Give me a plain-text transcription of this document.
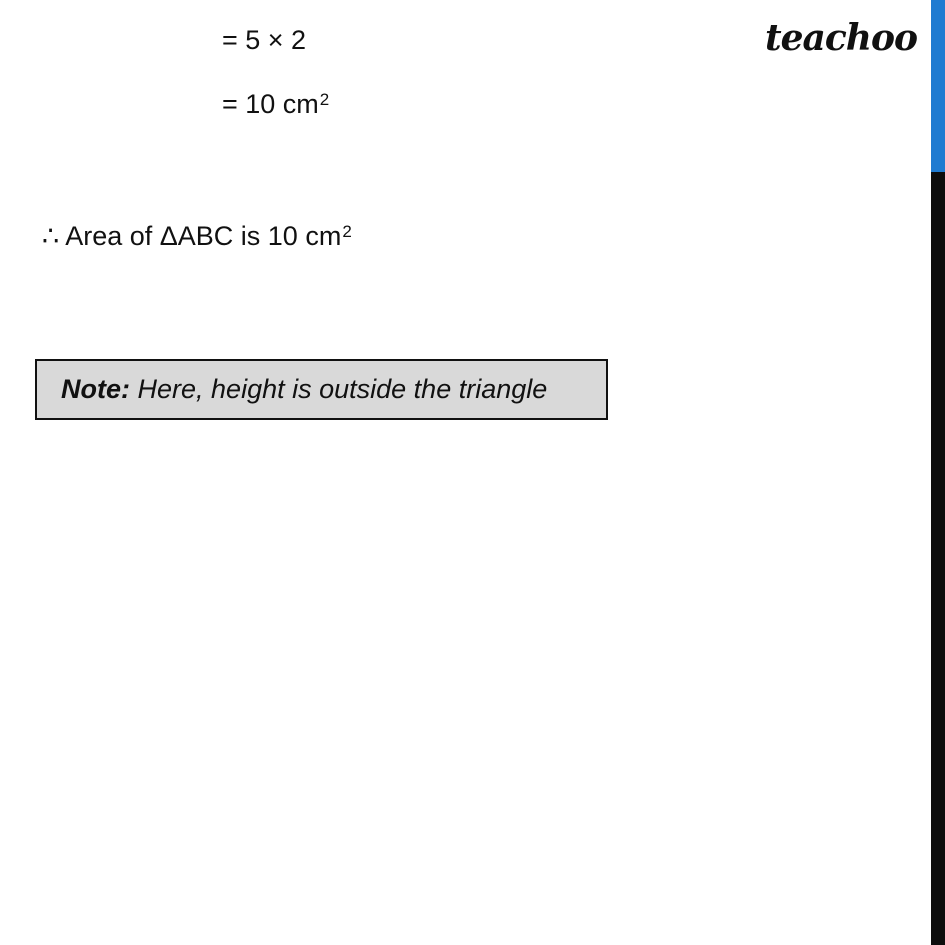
= 5 × 2
= 10 $cm^2$
∴ Area of ΔABC is 10 $cm^2$
teachoo
Note: Here, height is outside the triangle
